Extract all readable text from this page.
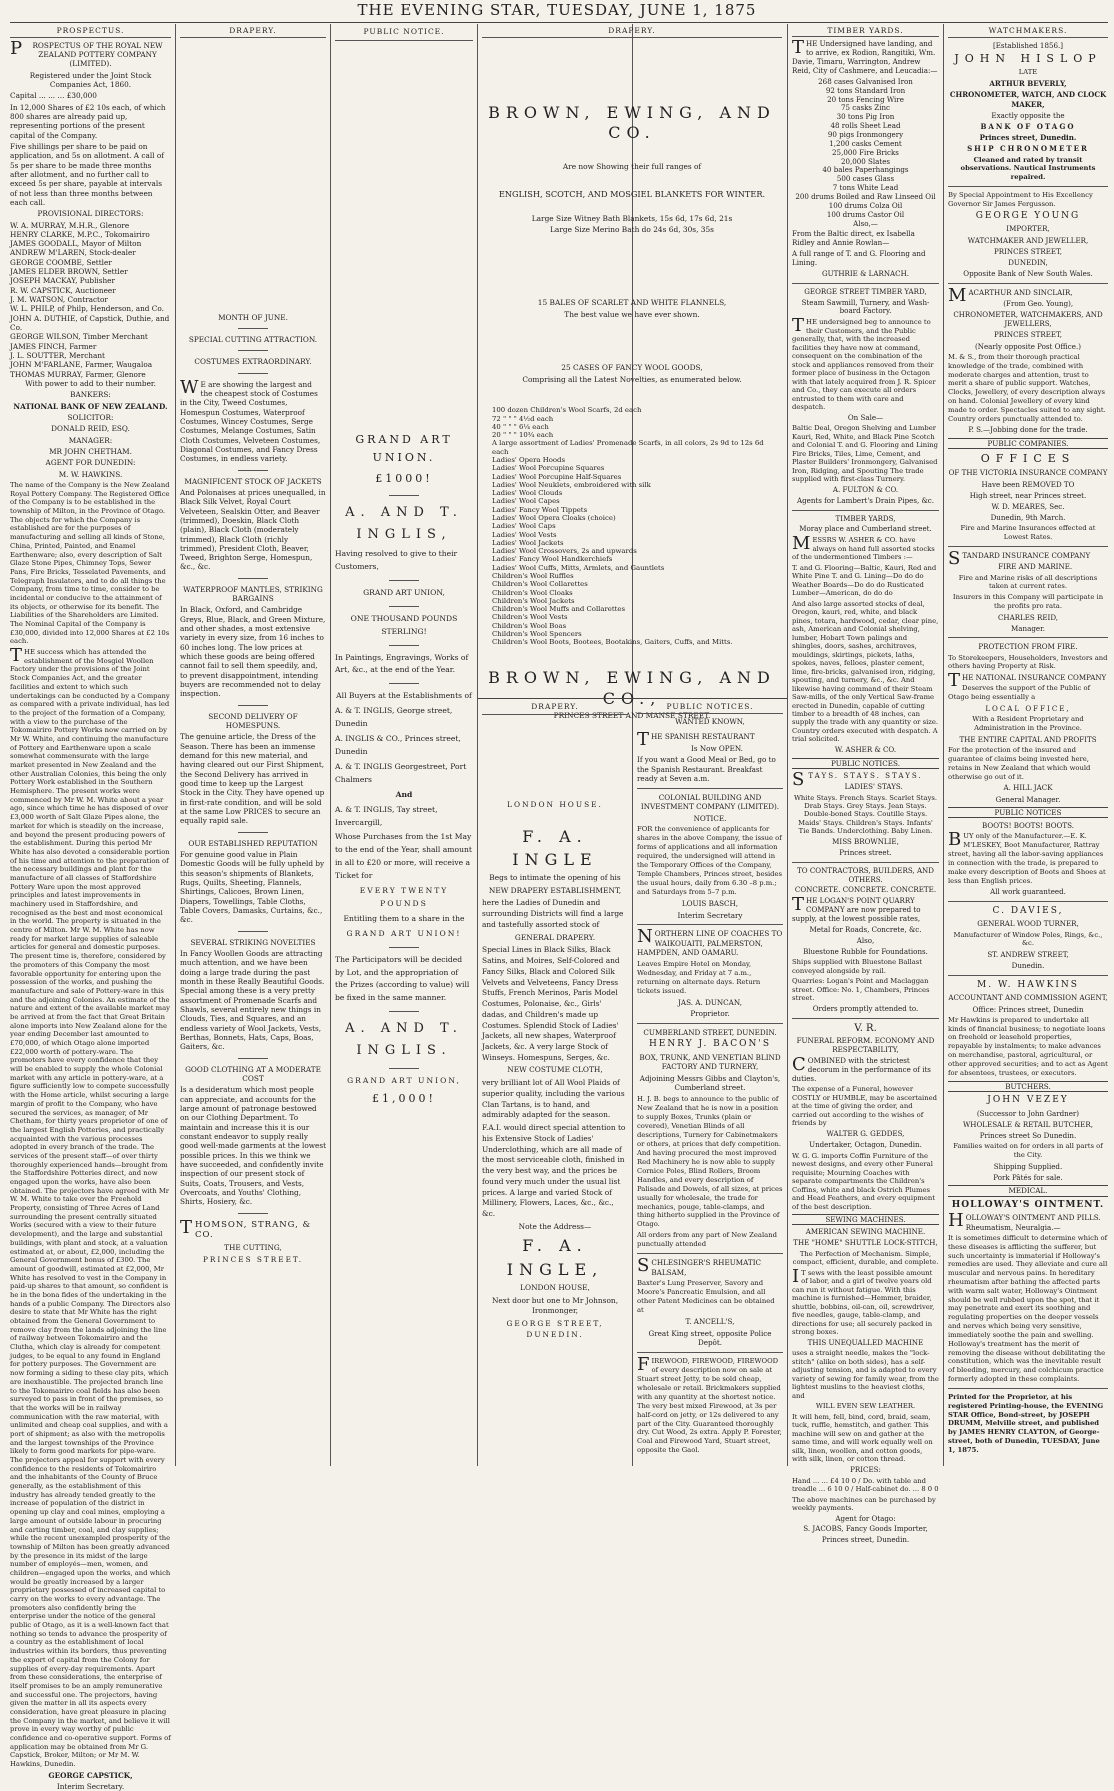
THE EVENING STAR, TUESDAY, JUNE 1, 1875
PROSPECTUS.

PROSPECTUS OF THE ROYAL NEW ZEALAND POTTERY COMPANY (LIMITED).

Registered under the Joint Stock Companies Act, 1860.

Capital ... ... ... £30,000

In 12,000 Shares of £2 10s each, of which 800 shares are already paid up, representing portions of the present capital of the Company.

Five shillings per share to be paid on application, and 5s on allotment. A call of 5s per share to be made three months after allotment, and no further call to exceed 5s per share, payable at intervals of not less than three months between each call.

PROVISIONAL DIRECTORS:

W. A. MURRAY, M.H.R., Glenore
HENRY CLARKE, M.P.C., Tokomairiro
JAMES GOODALL, Mayor of Milton
ANDREW M'LAREN, Stock-dealer
GEORGE COOMBE, Settler
JAMES ELDER BROWN, Settler
JOSEPH MACKAY, Publisher
R. W. CAPSTICK, Auctioneer
J. M. WATSON, Contractor
W. L. PHILP, of Philp, Henderson, and Co.
JOHN A. DUTHIE, of Capstick, Duthie, and Co.
GEORGE WILSON, Timber Merchant
JAMES FINCH, Farmer
J. L. SOUTTER, Merchant
JOHN M'FARLANE, Farmer, Waugaloa
THOMAS MURRAY, Farmer, Glenore
With power to add to their number.

BANKERS:

NATIONAL BANK OF NEW ZEALAND.

SOLICITOR:

DONALD REID, ESQ.

MANAGER:

MR JOHN CHETHAM.

AGENT FOR DUNEDIN:

M. W. HAWKINS.

The name of the Company is the New Zealand Royal Pottery Company. The Registered Office of the Company is to be established in the township of Milton, in the Province of Otago. The objects for which the Company is established are for the purposes of manufacturing and selling all kinds of Stone, China, Printed, Painted, and Enamel Earthenware; also, every description of Salt Glaze Stone Pipes, Chimney Tops, Sewer Pans, Fire Bricks, Tesselated Pavements, and Telegraph Insulators, and to do all things the Company, from time to time, consider to be incidental or conducive to the attainment of its objects, or otherwise for its benefit. The Liabilities of the Shareholders are Limited. The Nominal Capital of the Company is £30,000, divided into 12,000 Shares at £2 10s each.

THE success which has attended the establishment of the Mosgiel Woollen Factory under the provisions of the Joint Stock Companies Act, and the greater facilities and extent to which such undertakings can be conducted by a Company as compared with a private individual, has led to the project of the formation of a Company, with a view to the purchase of the Tokomairiro Pottery Works now carried on by Mr W. White, and continuing the manufacture of Pottery and Earthenware upon a scale somewhat commensurate with the large market presented in New Zealand and the other Australian Colonies, this being the only Pottery Work established in the Southern Hemisphere. The present works were commenced by Mr W. M. White about a year ago, since which time he has disposed of over £3,000 worth of Salt Glaze Pipes alone, the market for which is steadily on the increase, and beyond the present producing powers of the establishment. During this period Mr White has also devoted a considerable portion of his time and attention to the preparation of the necessary buildings and plant for the manufacture of all classes of Staffordshire Pottery Ware upon the most approved principles and latest improvements in machinery used in Staffordshire, and recognised as the best and most economical in the world. The property is situated in the centre of Milton. Mr W. M. White has now ready for market large supplies of saleable articles for general and domestic purposes. The present time is, therefore, considered by the promoters of this Company the most favorable opportunity for entering upon the possession of the works, and pushing the manufacture and sale of Pottery-ware in this and the adjoining Colonies. An estimate of the nature and extent of the available market may be arrived at from the fact that Great Britain alone imports into New Zealand alone for the year ending December last amounted to £70,000, of which Otago alone imported £22,000 worth of pottery-ware. The promoters have every confidence that they will be enabled to supply the whole Colonial market with any article in pottery-ware, at a figure sufficiently low to compete successfully with the Home article, whilst securing a large margin of profit to the Company, who have secured the services, as manager, of Mr Chetham, for thirty years proprietor of one of the largest English Potteries, and practically acquainted with the various processes adopted in every branch of the trade. The services of the present staff—of over thirty thoroughly experienced hands—brought from the Staffordshire Potteries direct, and now engaged upon the works, have also been obtained. The projectors have agreed with Mr W. M. White to take over the Freehold Property, consisting of Three Acres of Land surrounding the present centrally situated Works (secured with a view to their future development), and the large and substantial buildings, with plant and stock, at a valuation estimated at, or about, £2,000, including the General Government bonus of £300. The amount of goodwill, estimated at £2,000, Mr White has resolved to vest in the Company in paid-up shares to that amount, so confident is he in the bona fides of the undertaking in the hands of a public Company. The Directors also desire to state that Mr White has the right obtained from the General Government to remove clay from the lands adjoining the line of railway between Tokomairiro and the Clutha, which clay is already for competent judges, to be equal to any found in England for pottery purposes. The Government are now forming a siding to these clay pits, which are inexhaustible. The projected branch line to the Tokomairiro coal fields has also been surveyed to pass in front of the premises, so that the works will be in railway communication with the raw material, with unlimited and cheap coal supplies, and with a port of shipment; as also with the metropolis and the largest townships of the Province likely to form good markets for pipe-ware. The projectors appeal for support with every confidence to the residents of Tokomairiro and the inhabitants of the County of Bruce generally, as the establishment of this industry has already tended greatly to the increase of population of the district in opening up clay and coal mines, employing a large amount of outside labour in procuring and carting timber, coal, and clay supplies; while the recent unexampled prosperity of the township of Milton has been greatly advanced by the presence in its midst of the large number of employés—men, women, and children—engaged upon the works, and which would be greatly increased by a larger proprietary possessed of increased capital to carry on the works to every advantage. The promoters also confidently bring the enterprise under the notice of the general public of Otago, as it is a well-known fact that nothing so tends to advance the prosperity of a country as the establishment of local industries within its borders, thus preventing the export of capital from the Colony for supplies of every-day requirements. Apart from these considerations, the enterprise of itself promises to be an amply remunerative and successful one. The projectors, having given the matter in all its aspects every consideration, have great pleasure in placing the Company in the market, and believe it will prove in every way worthy of public confidence and co-operative support. Forms of application may be obtained from Mr G. Capstick, Broker, Milton; or Mr M. W. Hawkins, Dunedin.

GEORGE CAPSTICK,

Interim Secretary.

DRAPERY.

MONTH OF JUNE.

SPECIAL CUTTING ATTRACTION.

COSTUMES EXTRAORDINARY.

WE are showing the largest and the cheapest stock of Costumes in the City, Tweed Costumes, Homespun Costumes, Waterproof Costumes, Wincey Costumes, Serge Costumes, Melange Costumes, Satin Cloth Costumes, Velveteen Costumes, Diagonal Costumes, and Fancy Dress Costumes, in endless variety.

MAGNIFICENT STOCK OF JACKETS

And Polonaises at prices unequalled, in Black Silk Velvet, Royal Court Velveteen, Sealskin Otter, and Beaver (trimmed), Doeskin, Black Cloth (plain), Black Cloth (moderately trimmed), Black Cloth (richly trimmed), President Cloth, Beaver, Tweed, Brighton Serge, Homespun, &c., &c.

WATERPROOF MANTLES, STRIKING BARGAINS

In Black, Oxford, and Cambridge Greys, Blue, Black, and Green Mixture, and other shades, a most extensive variety in every size, from 16 inches to 60 inches long. The low prices at which these goods are being offered cannot fail to sell them speedily, and, to prevent disappointment, intending buyers are recommended not to delay inspection.

SECOND DELIVERY OF HOMESPUNS.

The genuine article, the Dress of the Season. There has been an immense demand for this new material, and having cleared out our First Shipment, the Second Delivery has arrived in good time to keep up the Largest Stock in the City. They have opened up in first-rate condition, and will be sold at the same Low PRICES to secure an equally rapid sale.

OUR ESTABLISHED REPUTATION

For genuine good value in Plain Domestic Goods will be fully upheld by this season's shipments of Blankets, Rugs, Quilts, Sheeting, Flannels, Shirtings, Calicoes, Brown Linen, Diapers, Towellings, Table Cloths, Table Covers, Damasks, Curtains, &c., &c.

SEVERAL STRIKING NOVELTIES

In Fancy Woollen Goods are attracting much attention, and we have been doing a large trade during the past month in these Really Beautiful Goods. Special among these is a very pretty assortment of Promenade Scarfs and Shawls, several entirely new things in Clouds, Ties, and Squares, and an endless variety of Wool Jackets, Vests, Berthas, Bonnets, Hats, Caps, Boas, Gaiters, &c.

GOOD CLOTHING AT A MODERATE COST

Is a desideratum which most people can appreciate, and accounts for the large amount of patronage bestowed on our Clothing Department. To maintain and increase this it is our constant endeavor to supply really good well-made garments at the lowest possible prices. In this we think we have succeeded, and confidently invite inspection of our present stock of Suits, Coats, Trousers, and Vests, Overcoats, and Youths' Clothing, Shirts, Hosiery, &c.

THOMSON, STRANG, & CO.

THE CUTTING,

PRINCES STREET.

PUBLIC NOTICE.

GRAND ART UNION.

£1000!

A. AND T. INGLIS,

Having resolved to give to their Customers,

GRAND ART UNION,

ONE THOUSAND POUNDS STERLING!

In Paintings, Engravings, Works of Art, &c., at the end of the Year.

All Buyers at the Establishments of

A. & T. INGLIS, George street, Dunedin

A. INGLIS & CO., Princes street, Dunedin

A. & T. INGLIS Georgestreet, Port Chalmers

And

A. & T. INGLIS, Tay street, Invercargill,

Whose Purchases from the 1st May to the end of the Year, shall amount in all to £20 or more, will receive a Ticket for

EVERY TWENTY POUNDS

Entitling them to a share in the

GRAND ART UNION!

The Participators will be decided by Lot, and the appropriation of the Prizes (according to value) will be fixed in the same manner.

A. AND T. INGLIS.

GRAND ART UNION,

£1,000!

DRAPERY.

BROWN, EWING, AND CO.

Are now Showing their full ranges of

ENGLISH, SCOTCH, AND MOSGIEL BLANKETS FOR WINTER.

Large Size Witney Bath Blankets, 15s 6d, 17s 6d, 21s

Large Size Merino Bath do 24s 6d, 30s, 35s

15 BALES OF SCARLET AND WHITE FLANNELS,

The best value we have ever shown.

25 CASES OF FANCY WOOL GOODS,

Comprising all the Latest Novelties, as enumerated below.

100 dozen Children's Wool Scarfs, 2d each
72 " " " 4½d each
40 " " " 6¼ each
20 " " " 10¾ each
A large assortment of Ladies' Promenade Scarfs, in all colors, 2s 9d to 12s 6d each
Ladies' Opera Hoods
Ladies' Wool Porcupine Squares
Ladies' Wool Porcupine Half-Squares
Ladies' Wool Neuklets, embroidered with silk
Ladies' Wool Clouds
Ladies' Wool Capes
Ladies' Fancy Wool Tippets
Ladies' Wool Opera Cloaks (choice)
Ladies' Wool Caps
Ladies' Wool Vests
Ladies' Wool Jackets
Ladies' Wool Crossovers, 2s and upwards
Ladies' Fancy Wool Handkerchiefs
Ladies' Wool Cuffs, Mitts, Armlets, and Gauntlets
Children's Wool Ruffles
Children's Wool Collarettes
Children's Wool Cloaks
Children's Wool Jackets
Children's Wool Muffs and Collarettes
Children's Wool Vests
Children's Wool Boas
Children's Wool Spencers
Children's Wool Boots, Bootees, Bootakins, Gaiters, Cuffs, and Mitts.

BROWN, EWING, AND CO.,

PRINCES STREET AND MANSE STREET.

DRAPERY.

LONDON HOUSE.

F. A. INGLE

Begs to intimate the opening of his

NEW DRAPERY ESTABLISHMENT,

here the Ladies of Dunedin and surrounding Districts will find a large and tastefully assorted stock of

GENERAL DRAPERY.

Special Lines in Black Silks, Black Satins, and Moires, Self-Colored and Fancy Silks, Black and Colored Silk Velvets and Velveteens, Fancy Dress Stuffs, French Merinos, Paris Model Costumes, Polonaise, &c., Girls' dadas, and Children's made up Costumes. Splendid Stock of Ladies' Jackets, all new shapes, Waterproof Jackets, &c. A very large Stock of Winseys. Homespuns, Serges, &c.

NEW COSTUME CLOTH,

very brilliant lot of All Wool Plaids of superior quality, including the various Clan Tartans, is to hand, and admirably adapted for the season.

F.A.I. would direct special attention to his Extensive Stock of Ladies' Underclothing, which are all made of the most serviceable cloth, finished in the very best way, and the prices be found very much under the usual list prices. A large and varied Stock of Millinery, Flowers, Laces, &c., &c., &c.

Note the Address—

F. A. INGLE,

LONDON HOUSE,

Next door but one to Mr Johnson, Ironmonger,

GEORGE STREET, DUNEDIN.

PUBLIC NOTICES.

WANTED KNOWN,

THE SPANISH RESTAURANT

Is Now OPEN.

If you want a Good Meal or Bed, go to the Spanish Restaurant. Breakfast ready at Seven a.m.

COLONIAL BUILDING AND INVESTMENT COMPANY (LIMITED).

NOTICE.

FOR the convenience of applicants for shares in the above Company, the issue of forms of applications and all information required, the undersigned will attend in the Temporary Offices of the Company, Temple Chambers, Princes street, besides the usual hours, daily from 6.30 –8 p.m.; and Saturdays from 5–7 p.m.

LOUIS BASCH,

Interim Secretary

NORTHERN LINE OF COACHES TO WAIKOUAITI, PALMERSTON, HAMPDEN, AND OAMARU.

Leaves Empire Hotel on Monday, Wednesday, and Friday at 7 a.m., returning on alternate days. Return tickets issued.

JAS. A. DUNCAN,

Proprietor.

CUMBERLAND STREET, DUNEDIN.

HENRY J. BACON'S

BOX, TRUNK, AND VENETIAN BLIND FACTORY AND TURNERY,

Adjoining Messrs Gibbs and Clayton's, Cumberland street.

H. J. B. begs to announce to the public of New Zealand that he is now in a position to supply Boxes, Trunks (plain or covered), Venetian Blinds of all descriptions, Turnery for Cabinetmakers or others, at prices that defy competition. And having procured the most improved Red Machinery he is now able to supply Cornice Poles, Blind Rollers, Broom Handles, and every description of Palisade and Dowels, of all sizes, at prices usually for wholesale, the trade for mechanics, pouge, table-clamps, and thing hitherto supplied in the Province of Otago.

All orders from any part of New Zealand punctually attended

SCHLESINGER'S RHEUMATIC BALSAM,

Baxter's Lung Preserver, Savory and Moore's Pancreatic Emulsion, and all other Patent Medicines can be obtained at

T. ANCELL'S,

Great King street, opposite Police Depôt.

FIREWOOD, FIREWOOD, FIREWOOD of every description now on sale at Stuart street Jetty, to be sold cheap, wholesale or retail. Brickmakers supplied with any quantity at the shortest notice. The very best mixed Firewood, at 3s per half-cord on jetty, or 12s delivered to any part of the City. Guaranteed thoroughly dry. Cut Wood, 2s extra. Apply P. Forester, Coal and Firewood Yard, Stuart street, opposite the Gaol.

TIMBER YARDS.

THE Undersigned have landing, and to arrive, ex Rodion, Rangitiki, Wm. Davie, Timaru, Warrington, Andrew Reid, City of Cashmere, and Leucadia:—

268 cases Galvanised Iron
92 tons Standard Iron
20 tons Fencing Wire
75 casks Zinc
30 tons Pig Iron
48 rolls Sheet Lead
90 pigs Ironmongery
1,200 casks Cement
25,000 Fire Bricks
20,000 Slates
40 bales Paperhangings
500 cases Glass
7 tons White Lead
200 drums Boiled and Raw Linseed Oil
100 drums Colza Oil
100 drums Castor Oil
Also,—

From the Baltic direct, ex Isabella Ridley and Annie Rowlan—

A full range of T. and G. Flooring and Lining.

GUTHRIE & LARNACH.

GEORGE STREET TIMBER YARD,

Steam Sawmill, Turnery, and Wash-board Factory.

THE undersigned beg to announce to their Customers, and the Public generally, that, with the increased facilities they have now at command, consequent on the combination of the stock and appliances removed from their former place of business in the Octagon with that lately acquired from J. R. Spicer and Co., they can execute all orders entrusted to them with care and despatch.

On Sale—

Baltic Deal, Oregon Shelving and Lumber Kauri, Red, White, and Black Pine Scotch and Colonial T. and G. Flooring and Lining Fire Bricks, Tiles, Lime, Cement, and Plaster Builders' Ironmongery, Galvanised Iron, Ridging, and Spouting The trade supplied with first-class Turnery.

A. FULTON & CO.

Agents for Lambert's Drain Pipes, &c.

TIMBER YARDS,

Moray place and Cumberland street.

MESSRS W. ASHER & CO. have always on hand full assorted stocks of the undermentioned Timbers :—

T. and G. Flooring—Baltic, Kauri, Red and White Pine T. and G. Lining—Do do do Weather Boards—Do do do Rusticated Lumber—American, do do do

And also large assorted stocks of deal, Oregon, kauri, red, white, and black pines, totara, hardwood, cedar, clear pine, ash, American and Colonial shelving, lumber, Hobart Town palings and shingles, doors, sashes, architraves, mouldings, skirtings, pickets, laths, spokes, naves, felloes, plaster cement, lime, fire-bricks, galvanised iron, ridging, spouting, and turnery, &c., &c. And likewise having command of their Steam Saw-mills, of the only Vertical Saw-frame erected in Dunedin, capable of cutting timber to a breadth of 48 inches, can supply the trade with any quantity or size. Country orders executed with despatch. A trial solicited.

W. ASHER & CO.

PUBLIC NOTICES.

STAYS. STAYS. STAYS.

LADIES' STAYS.

White Stays. French Stays. Scarlet Stays. Drab Stays. Grey Stays. Jean Stays. Double-boned Stays. Coutille Stays. Maids' Stays. Children's Stays. Infants' Tie Bands. Underclothing. Baby Linen.

MISS BROWNLIE,

Princes street.

TO CONTRACTORS, BUILDERS, AND OTHERS.

CONCRETE. CONCRETE. CONCRETE.

THE LOGAN'S POINT QUARRY COMPANY are now prepared to supply, at the lowest possible rates,

Metal for Roads, Concrete, &c.

Also,

Bluestone Rubble for Foundations.

Ships supplied with Bluestone Ballast conveyed alongside by rail.

Quarries: Logan's Point and Maclaggan street. Office: No. 1, Chambers, Princes street.

Orders promptly attended to.

V. R.

FUNERAL REFORM. ECONOMY AND RESPECTABILITY,

COMBINED with the strictest decorum in the performance of its duties.

The expense of a Funeral, however COSTLY or HUMBLE, may be ascertained at the time of giving the order, and carried out according to the wishes of friends by

WALTER G. GEDDES,

Undertaker, Octagon, Dunedin.

W. G. G. imports Coffin Furniture of the newest designs, and every other Funeral requisite; Mourning Coaches with separate compartments the Children's Coffins, white and black Ostrich Plumes and Head Feathers, and every equipment of the best description.

SEWING MACHINES.

AMERICAN SEWING MACHINE.

THE "HOME" SHUTTLE LOCK-STITCH,

The Perfection of Mechanism. Simple, compact, efficient, durable, and complete.

IT sews with the least possible amount of labor, and a girl of twelve years old can run it without fatigue. With this machine is furnished—Hemmer, braider, shuttle, bobbins, oil-can, oil, screwdriver, five needles, gauge, table-clamp, and directions for use; all securely packed in strong boxes.

THIS UNEQUALLED MACHINE

uses a straight needle, makes the "lock-stitch" (alike on both sides), has a self-adjusting tension, and is adapted to every variety of sewing for family wear, from the lightest muslins to the heaviest cloths, and

WILL EVEN SEW LEATHER.

It will hem, fell, bind, cord, braid, seam, tuck, ruffle, hemstitch, and gather. This machine will sew on and gather at the same time, and will work equally well on silk, linen, woollen, and cotton goods, with silk, linen, or cotton thread.

PRICES:

Hand ... ... £4 10 0 / Do. with table and treadle ... 6 10 0 / Half-cabinet do. ... 8 0 0

The above machines can be purchased by weekly payments.

Agent for Otago:

S. JACOBS, Fancy Goods Importer,

Princes street, Dunedin.

WATCHMAKERS.

[Established 1856.]

JOHN HISLOP

LATE

ARTHUR BEVERLY,

CHRONOMETER, WATCH, AND CLOCK MAKER,

Exactly opposite the

BANK OF OTAGO

Princes street, Dunedin.

SHIP CHRONOMETER

Cleaned and rated by transit observations. Nautical Instruments repaired.

By Special Appointment to His Excellency Governor Sir James Fergusson.

GEORGE YOUNG

IMPORTER,

WATCHMAKER AND JEWELLER,

PRINCES STREET,

DUNEDIN,

Opposite Bank of New South Wales.

MACARTHUR AND SINCLAIR,

(From Geo. Young),

CHRONOMETER, WATCHMAKERS, AND JEWELLERS,

PRINCES STREET,

(Nearly opposite Post Office.)

M. & S., from their thorough practical knowledge of the trade, combined with moderate charges and attention, trust to merit a share of public support. Watches, Clocks, Jewellery, of every description always on hand. Colonial Jewellery of every kind made to order. Spectacles suited to any sight. Country orders punctually attended to.

P. S.—Jobbing done for the trade.

PUBLIC COMPANIES.

OFFICES

OF THE VICTORIA INSURANCE COMPANY

Have been REMOVED TO

High street, near Princes street.

W. D. MEARES, Sec.

Dunedin, 9th March.

Fire and Marine Insurances effected at Lowest Rates.

STANDARD INSURANCE COMPANY

FIRE AND MARINE.

Fire and Marine risks of all descriptions taken at current rates.

Insurers in this Company will participate in the profits pro rata.

CHARLES REID,

Manager.

PROTECTION FROM FIRE.

To Storekeepers, Householders, Investors and others having Property at Risk.

THE NATIONAL INSURANCE COMPANY

Deserves the support of the Public of Otago being essentially a

LOCAL OFFICE,

With a Resident Proprietary and Administration in the Province.

THE ENTIRE CAPITAL AND PROFITS

For the protection of the insured and guarantee of claims being invested here, retains in New Zealand that which would otherwise go out of it.

A. HILL JACK

General Manager.

PUBLIC NOTICES

BOOTS! BOOTS! BOOTS.

BUY only of the Manufacturer.—E. K. M'LESKEY, Boot Manufacturer, Rattray street, having all the labor-saving appliances in connection with the trade, is prepared to make every description of Boots and Shoes at less than English prices.

All work guaranteed.

C. DAVIES,

GENERAL WOOD TURNER,

Manufacturer of Window Poles, Rings, &c., &c.

ST. ANDREW STREET,

Dunedin.

M. W. HAWKINS

ACCOUNTANT AND COMMISSION AGENT,

Office: Princes street, Dunedin

Mr Hawkins is prepared to undertake all kinds of financial business; to negotiate loans on freehold or leasehold properties, repayable by instalments; to make advances on merchandise, pastoral, agricultural, or other approved securities; and to act as Agent for absentees, trustees, or executors.

BUTCHERS.

JOHN VEZEY

(Successor to John Gardner)

WHOLESALE & RETAIL BUTCHER,

Princes street So Dunedin.

Families waited on for orders in all parts of the City.

Shipping Supplied.

Pork Pâtés for sale.

MEDICAL.

HOLLOWAY'S OINTMENT.

HOLLOWAY'S OINTMENT AND PILLS. Rheumatism, Neuralgia.—

It is sometimes difficult to determine which of these diseases is afflicting the sufferer, but such uncertainty is immaterial if Holloway's remedies are used. They alleviate and cure all muscular and nervous pains. In hereditary rheumatism after bathing the affected parts with warm salt water, Holloway's Ointment should be well rubbed upon the spot, that it may penetrate and exert its soothing and regulating properties on the deeper vessels and nerves which being very sensitive, immediately soothe the pain and swelling. Holloway's treatment has the merit of removing the disease without debilitating the constitution, which was the inevitable result of bleeding, mercury, and colchicum practice formerly adopted in these complaints.

Printed for the Proprietor, at his registered Printing-house, the EVENING STAR Office, Bond-street, by JOSEPH DRUMM, Melville street, and published by JAMES HENRY CLAYTON, of George-street, both of Dunedin, TUESDAY, June 1, 1875.
